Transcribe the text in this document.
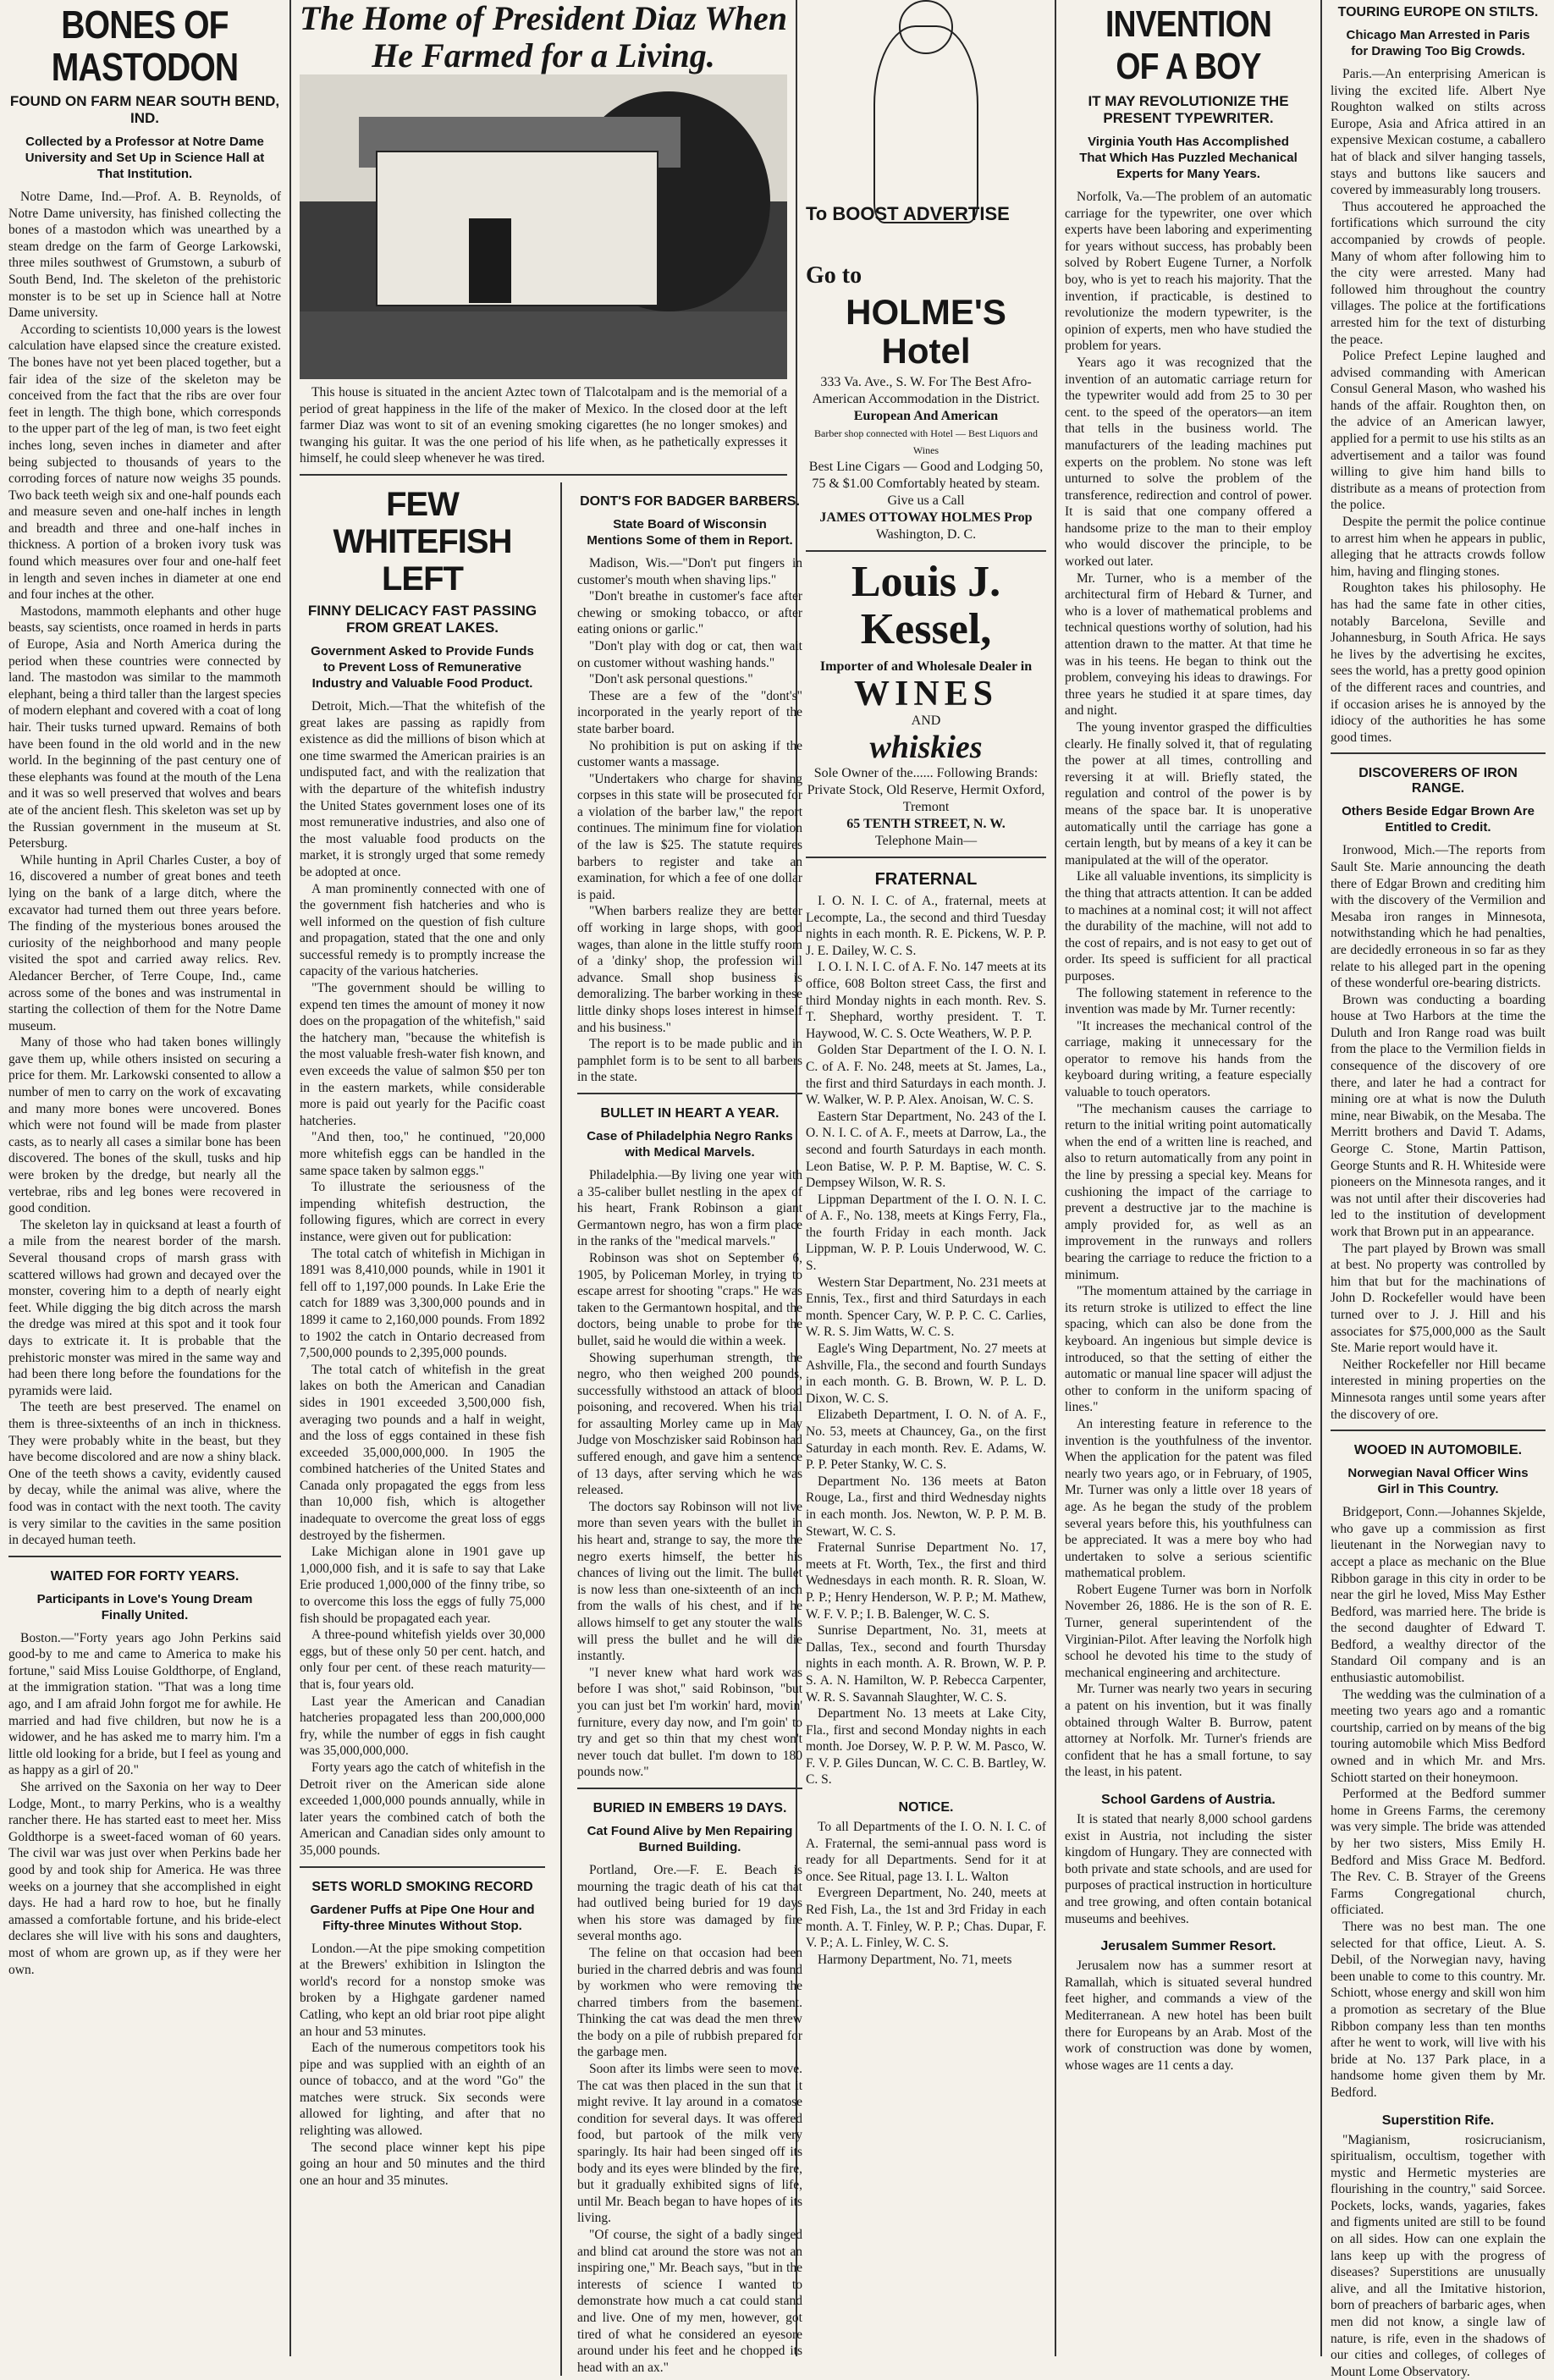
BONES OF MASTODON
FOUND ON FARM NEAR SOUTH BEND, IND.
Collected by a Professor at Notre Dame University and Set Up in Science Hall at That Institution.

Notre Dame, Ind.—Prof. A. B. Reynolds, of Notre Dame university, has finished collecting the bones of a mastodon which was unearthed by a steam dredge on the farm of George Larkowski, three miles southwest of Grumstown, a suburb of South Bend, Ind. The skeleton of the prehistoric monster is to be set up in Science hall at Notre Dame university.

According to scientists 10,000 years is the lowest calculation have elapsed since the creature existed. The bones have not yet been placed together, but a fair idea of the size of the skeleton may be conceived from the fact that the ribs are over four feet in length. The thigh bone, which corresponds to the upper part of the leg of man, is two feet eight inches long, seven inches in diameter and after being subjected to thousands of years to the corroding forces of nature now weighs 35 pounds. Two back teeth weigh six and one-half pounds each and measure seven and one-half inches in length and breadth and three and one-half inches in thickness. A portion of a broken ivory tusk was found which measures over four and one-half feet in length and seven inches in diameter at one end and four inches at the other.

Mastodons, mammoth elephants and other huge beasts, say scientists, once roamed in herds in parts of Europe, Asia and North America during the period when these countries were connected by land. The mastodon was similar to the mammoth elephant, being a third taller than the largest species of modern elephant and covered with a coat of long hair. Their tusks turned upward. Remains of both have been found in the old world and in the new world. In the beginning of the past century one of these elephants was found at the mouth of the Lena and it was so well preserved that wolves and bears ate of the ancient flesh. This skeleton was set up by the Russian government in the museum at St. Petersburg.

While hunting in April Charles Custer, a boy of 16, discovered a number of great bones and teeth lying on the bank of a large ditch, where the excavator had turned them out three years before. The finding of the mysterious bones aroused the curiosity of the neighborhood and many people visited the spot and carried away relics. Rev. Aledancer Bercher, of Terre Coupe, Ind., came across some of the bones and was instrumental in starting the collection of them for the Notre Dame museum.

Many of those who had taken bones willingly gave them up, while others insisted on securing a price for them. Mr. Larkowski consented to allow a number of men to carry on the work of excavating and many more bones were uncovered. Bones which were not found will be made from plaster casts, as to nearly all cases a similar bone has been discovered. The bones of the skull, tusks and hip were broken by the dredge, but nearly all the vertebrae, ribs and leg bones were recovered in good condition.

The skeleton lay in quicksand at least a fourth of a mile from the nearest border of the marsh. Several thousand crops of marsh grass with scattered willows had grown and decayed over the monster, covering him to a depth of nearly eight feet. While digging the big ditch across the marsh the dredge was mired at this spot and it took four days to extricate it. It is probable that the prehistoric monster was mired in the same way and had been there long before the foundations for the pyramids were laid.

The teeth are best preserved. The enamel on them is three-sixteenths of an inch in thickness. They were probably white in the beast, but they have become discolored and are now a shiny black. One of the teeth shows a cavity, evidently caused by decay, while the animal was alive, where the food was in contact with the next tooth. The cavity is very similar to the cavities in the same position in decayed human teeth.

WAITED FOR FORTY YEARS.
Participants in Love's Young Dream Finally United.

Boston.—"Forty years ago John Perkins said good-by to me and came to America to make his fortune," said Miss Louise Goldthorpe, of England, at the immigration station. "That was a long time ago, and I am afraid John forgot me for awhile. He married and had five children, but now he is a widower, and he has asked me to marry him. I'm a little old looking for a bride, but I feel as young and as happy as a girl of 20."

She arrived on the Saxonia on her way to Deer Lodge, Mont., to marry Perkins, who is a wealthy rancher there. He has started east to meet her. Miss Goldthorpe is a sweet-faced woman of 60 years. The civil war was just over when Perkins bade her good by and took ship for America. He was three weeks on a journey that she accomplished in eight days. He had a hard row to hoe, but he finally amassed a comfortable fortune, and his bride-elect declares she will live with his sons and daughters, most of whom are grown up, as if they were her own.

The Home of President Diaz When He Farmed for a Living.

This house is situated in the ancient Aztec town of Tlalcotalpam and is the memorial of a period of great happiness in the life of the maker of Mexico. In the closed door at the left farmer Diaz was wont to sit of an evening smoking cigarettes (he no longer smokes) and twanging his guitar. It was the one period of his life when, as he pathetically expresses it himself, he could sleep whenever he was tired.

FEW WHITEFISH LEFT
FINNY DELICACY FAST PASSING FROM GREAT LAKES.
Government Asked to Provide Funds to Prevent Loss of Remunerative Industry and Valuable Food Product.

Detroit, Mich.—That the whitefish of the great lakes are passing as rapidly from existence as did the millions of bison which at one time swarmed the American prairies is an undisputed fact, and with the realization that with the departure of the whitefish industry the United States government loses one of its most remunerative industries, and also one of the most valuable food products on the market, it is strongly urged that some remedy be adopted at once.

A man prominently connected with one of the government fish hatcheries and who is well informed on the question of fish culture and propagation, stated that the one and only successful remedy is to promptly increase the capacity of the various hatcheries.

"The government should be willing to expend ten times the amount of money it now does on the propagation of the whitefish," said the hatchery man, "because the whitefish is the most valuable fresh-water fish known, and even exceeds the value of salmon $50 per ton in the eastern markets, while considerable more is paid out yearly for the Pacific coast hatcheries.

"And then, too," he continued, "20,000 more whitefish eggs can be handled in the same space taken by salmon eggs."

To illustrate the seriousness of the impending whitefish destruction, the following figures, which are correct in every instance, were given out for publication:

The total catch of whitefish in Michigan in 1891 was 8,410,000 pounds, while in 1901 it fell off to 1,197,000 pounds. In Lake Erie the catch for 1889 was 3,300,000 pounds and in 1899 it came to 2,160,000 pounds. From 1892 to 1902 the catch in Ontario decreased from 7,500,000 pounds to 2,395,000 pounds.

The total catch of whitefish in the great lakes on both the American and Canadian sides in 1901 exceeded 3,500,000 fish, averaging two pounds and a half in weight, and the loss of eggs contained in these fish exceeded 35,000,000,000. In 1905 the combined hatcheries of the United States and Canada only propagated the eggs from less than 10,000 fish, which is altogether inadequate to overcome the great loss of eggs destroyed by the fishermen.

Lake Michigan alone in 1901 gave up 1,000,000 fish, and it is safe to say that Lake Erie produced 1,000,000 of the finny tribe, so to overcome this loss the eggs of fully 75,000 fish should be propagated each year.

A three-pound whitefish yields over 30,000 eggs, but of these only 50 per cent. hatch, and only four per cent. of these reach maturity—that is, four years old.

Last year the American and Canadian hatcheries propagated less than 200,000,000 fry, while the number of eggs in fish caught was 35,000,000,000.

Forty years ago the catch of whitefish in the Detroit river on the American side alone exceeded 1,000,000 pounds annually, while in later years the combined catch of both the American and Canadian sides only amount to 35,000 pounds.

SETS WORLD SMOKING RECORD
Gardener Puffs at Pipe One Hour and Fifty-three Minutes Without Stop.

London.—At the pipe smoking competition at the Brewers' exhibition in Islington the world's record for a nonstop smoke was broken by a Highgate gardener named Catling, who kept an old briar root pipe alight an hour and 53 minutes.

Each of the numerous competitors took his pipe and was supplied with an eighth of an ounce of tobacco, and at the word "Go" the matches were struck. Six seconds were allowed for lighting, and after that no relighting was allowed.

The second place winner kept his pipe going an hour and 50 minutes and the third one an hour and 35 minutes.

DONT'S FOR BADGER BARBERS.
State Board of Wisconsin Mentions Some of them in Report.

Madison, Wis.—"Don't put fingers in customer's mouth when shaving lips."

"Don't breathe in customer's face after chewing or smoking tobacco, or after eating onions or garlic."

"Don't play with dog or cat, then wait on customer without washing hands."

"Don't ask personal questions."

These are a few of the "dont's" incorporated in the yearly report of the state barber board.

No prohibition is put on asking if the customer wants a massage.

"Undertakers who charge for shaving corpses in this state will be prosecuted for a violation of the barber law," the report continues. The minimum fine for violation of the law is $25. The statute requires barbers to register and take an examination, for which a fee of one dollar is paid.

"When barbers realize they are better off working in large shops, with good wages, than alone in the little stuffy room of a 'dinky' shop, the profession will advance. Small shop business is demoralizing. The barber working in these little dinky shops loses interest in himself and his business."

The report is to be made public and in pamphlet form is to be sent to all barbers in the state.

BULLET IN HEART A YEAR.
Case of Philadelphia Negro Ranks with Medical Marvels.

Philadelphia.—By living one year with a 35-caliber bullet nestling in the apex of his heart, Frank Robinson a giant Germantown negro, has won a firm place in the ranks of the "medical marvels."

Robinson was shot on September 6, 1905, by Policeman Morley, in trying to escape arrest for shooting "craps." He was taken to the Germantown hospital, and the doctors, being unable to probe for the bullet, said he would die within a week.

Showing superhuman strength, the negro, who then weighed 200 pounds, successfully withstood an attack of blood poisoning, and recovered. When his trial for assaulting Morley came up in May Judge von Moschzisker said Robinson had suffered enough, and gave him a sentence of 13 days, after serving which he was released.

The doctors say Robinson will not live more than seven years with the bullet in his heart and, strange to say, the more the negro exerts himself, the better his chances of living out the limit. The bullet is now less than one-sixteenth of an inch from the walls of his chest, and if he allows himself to get any stouter the walls will press the bullet and he will die instantly.

"I never knew what hard work was before I was shot," said Robinson, "but you can just bet I'm workin' hard, movin' furniture, every day now, and I'm goin' to try and get so thin that my chest won't never touch dat bullet. I'm down to 180 pounds now."

BURIED IN EMBERS 19 DAYS.
Cat Found Alive by Men Repairing Burned Building.

Portland, Ore.—F. E. Beach is mourning the tragic death of his cat that had outlived being buried for 19 days when his store was damaged by fire several months ago.

The feline on that occasion had been buried in the charred debris and was found by workmen who were removing the charred timbers from the basement. Thinking the cat was dead the men threw the body on a pile of rubbish prepared for the garbage men.

Soon after its limbs were seen to move. The cat was then placed in the sun that it might revive. It lay around in a comatose condition for several days. It was offered food, but partook of the milk very sparingly. Its hair had been singed off its body and its eyes were blinded by the fire, but it gradually exhibited signs of life, until Mr. Beach began to have hopes of its living.

"Of course, the sight of a badly singed and blind cat around the store was not an inspiring one," Mr. Beach says, "but in the interests of science I wanted to demonstrate how much a cat could stand and live. One of my men, however, got tired of what he considered an eyesore around under his feet and he chopped its head with an ax."

To BOOST ADVERTISE
Go to
HOLME'S Hotel
333 Va. Ave., S. W. For The Best Afro-American Accommodation in the District.
European And American
Barber shop connected with Hotel — Best Liquors and Wines
Best Line Cigars — Good and Lodging 50, 75 & $1.00 Comfortably heated by steam.
Give us a Call
JAMES OTTOWAY HOLMES Prop
Washington, D. C.
Louis J. Kessel,
Importer of and Wholesale Dealer in
WINES
AND
whiskies
Sole Owner of the...... Following Brands:
Private Stock, Old Reserve, Hermit Oxford, Tremont
65 TENTH STREET, N. W.
Telephone Main—
FRATERNAL

I. O. N. I. C. of A., fraternal, meets at Lecompte, La., the second and third Tuesday nights in each month. R. E. Pickens, W. P. P. J. E. Dailey, W. C. S.

I. O. I. N. I. C. of A. F. No. 147 meets at its office, 608 Bolton street Cass, the first and third Monday nights in each month. Rev. S. T. Shephard, worthy president. T. T. Haywood, W. C. S. Octe Weathers, W. P. P.

Golden Star Department of the I. O. N. I. C. of A. F. No. 248, meets at St. James, La., the first and third Saturdays in each month. J. W. Walker, W. P. P. Alex. Anoisan, W. C. S.

Eastern Star Department, No. 243 of the I. O. N. I. C. of A. F., meets at Darrow, La., the second and fourth Saturdays in each month. Leon Batise, W. P. P. M. Baptise, W. C. S. Dempsey Wilson, W. R. S.

Lippman Department of the I. O. N. I. C. of A. F., No. 138, meets at Kings Ferry, Fla., the fourth Friday in each month. Jack Lippman, W. P. P. Louis Underwood, W. C. S.

Western Star Department, No. 231 meets at Ennis, Tex., first and third Saturdays in each month. Spencer Cary, W. P. P. C. C. Carlies, W. R. S. Jim Watts, W. C. S.

Eagle's Wing Department, No. 27 meets at Ashville, Fla., the second and fourth Sundays in each month. G. B. Brown, W. P. L. D. Dixon, W. C. S.

Elizabeth Department, I. O. N. of A. F., No. 53, meets at Chauncey, Ga., on the first Saturday in each month. Rev. E. Adams, W. P. P. Peter Stanky, W. C. S.

Department No. 136 meets at Baton Rouge, La., first and third Wednesday nights in each month. Jos. Newton, W. P. P. M. B. Stewart, W. C. S.

Fraternal Sunrise Department No. 17, meets at Ft. Worth, Tex., the first and third Wednesdays in each month. R. R. Sloan, W. P. P.; Henry Henderson, W. P. P.; M. Mathew, W. F. V. P.; I. B. Balenger, W. C. S.

Sunrise Department, No. 31, meets at Dallas, Tex., second and fourth Thursday nights in each month. A. R. Brown, W. P. P. S. A. N. Hamilton, W. P. Rebecca Carpenter, W. R. S. Savannah Slaughter, W. C. S.

Department No. 13 meets at Lake City, Fla., first and second Monday nights in each month. Joe Dorsey, W. P. P. W. M. Pasco, W. F. V. P. Giles Duncan, W. C. C. B. Bartley, W. C. S.

NOTICE.

To all Departments of the I. O. N. I. C. of A. Fraternal, the semi-annual pass word is ready for all Departments. Send for it at once. See Ritual, page 13. I. L. Walton

Evergreen Department, No. 240, meets at Red Fish, La., the 1st and 3rd Friday in each month. A. T. Finley, W. P. P.; Chas. Dupar, F. V. P.; A. L. Finley, W. C. S.

Harmony Department, No. 71, meets

INVENTION OF A BOY
IT MAY REVOLUTIONIZE THE PRESENT TYPEWRITER.
Virginia Youth Has Accomplished That Which Has Puzzled Mechanical Experts for Many Years.

Norfolk, Va.—The problem of an automatic carriage for the typewriter, one over which experts have been laboring and experimenting for years without success, has probably been solved by Robert Eugene Turner, a Norfolk boy, who is yet to reach his majority. That the invention, if practicable, is destined to revolutionize the modern typewriter, is the opinion of experts, men who have studied the problem for years.

Years ago it was recognized that the invention of an automatic carriage return for the typewriter would add from 25 to 30 per cent. to the speed of the operators—an item that tells in the business world. The manufacturers of the leading machines put experts on the problem. No stone was left unturned to solve the problem of the transference, redirection and control of power. It is said that one company offered a handsome prize to the man to their employ who would discover the principle, to be worked out later.

Mr. Turner, who is a member of the architectural firm of Hebard & Turner, and who is a lover of mathematical problems and technical questions worthy of solution, had his attention drawn to the matter. At that time he was in his teens. He began to think out the problem, conveying his ideas to drawings. For three years he studied it at spare times, day and night.

The young inventor grasped the difficulties clearly. He finally solved it, that of regulating the power at all times, controlling and reversing it at will. Briefly stated, the regulation and control of the power is by means of the space bar. It is unoperative automatically until the carriage has gone a certain length, but by means of a key it can be manipulated at the will of the operator.

Like all valuable inventions, its simplicity is the thing that attracts attention. It can be added to machines at a nominal cost; it will not affect the durability of the machine, will not add to the cost of repairs, and is not easy to get out of order. Its speed is sufficient for all practical purposes.

The following statement in reference to the invention was made by Mr. Turner recently:

"It increases the mechanical control of the carriage, making it unnecessary for the operator to remove his hands from the keyboard during writing, a feature especially valuable to touch operators.

"The mechanism causes the carriage to return to the initial writing point automatically when the end of a written line is reached, and also to return automatically from any point in the line by pressing a special key. Means for cushioning the impact of the carriage to prevent a destructive jar to the machine is amply provided for, as well as an improvement in the runways and rollers bearing the carriage to reduce the friction to a minimum.

"The momentum attained by the carriage in its return stroke is utilized to effect the line spacing, which can also be done from the keyboard. An ingenious but simple device is introduced, so that the setting of either the automatic or manual line spacer will adjust the other to conform in the uniform spacing of lines."

An interesting feature in reference to the invention is the youthfulness of the inventor. When the application for the patent was filed nearly two years ago, or in February, of 1905, Mr. Turner was only a little over 18 years of age. As he began the study of the problem several years before this, his youthfulness can be appreciated. It was a mere boy who had undertaken to solve a serious scientific mathematical problem.

Robert Eugene Turner was born in Norfolk November 26, 1886. He is the son of R. E. Turner, general superintendent of the Virginian-Pilot. After leaving the Norfolk high school he devoted his time to the study of mechanical engineering and architecture.

Mr. Turner was nearly two years in securing a patent on his invention, but it was finally obtained through Walter B. Burrow, patent attorney at Norfolk. Mr. Turner's friends are confident that he has a small fortune, to say the least, in his patent.

School Gardens of Austria.

It is stated that nearly 8,000 school gardens exist in Austria, not including the sister kingdom of Hungary. They are connected with both private and state schools, and are used for purposes of practical instruction in horticulture and tree growing, and often contain botanical museums and beehives.

Jerusalem Summer Resort.

Jerusalem now has a summer resort at Ramallah, which is situated several hundred feet higher, and commands a view of the Mediterranean. A new hotel has been built there for Europeans by an Arab. Most of the work of construction was done by women, whose wages are 11 cents a day.

TOURING EUROPE ON STILTS.
Chicago Man Arrested in Paris for Drawing Too Big Crowds.

Paris.—An enterprising American is living the excited life. Albert Nye Roughton walked on stilts across Europe, Asia and Africa attired in an expensive Mexican costume, a caballero hat of black and silver hanging tassels, stays and buttons like saucers and covered by immeasurably long trousers.

Thus accoutered he approached the fortifications which surround the city accompanied by crowds of people. Many of whom after following him to the city were arrested. Many had followed him throughout the country villages. The police at the fortifications arrested him for the text of disturbing the peace.

Police Prefect Lepine laughed and advised commanding with American Consul General Mason, who washed his hands of the affair. Roughton then, on the advice of an American lawyer, applied for a permit to use his stilts as an advertisement and a tailor was found willing to give him hand bills to distribute as a means of protection from the police.

Despite the permit the police continue to arrest him when he appears in public, alleging that he attracts crowds follow him, having and flinging stones.

Roughton takes his philosophy. He has had the same fate in other cities, notably Barcelona, Seville and Johannesburg, in South Africa. He says he lives by the advertising he excites, sees the world, has a pretty good opinion of the different races and countries, and if occasion arises he is annoyed by the idiocy of the authorities he has some good times.

DISCOVERERS OF IRON RANGE.
Others Beside Edgar Brown Are Entitled to Credit.

Ironwood, Mich.—The reports from Sault Ste. Marie announcing the death there of Edgar Brown and crediting him with the discovery of the Vermilion and Mesaba iron ranges in Minnesota, notwithstanding which he had penalties, are decidedly erroneous in so far as they relate to his alleged part in the opening of these wonderful ore-bearing districts.

Brown was conducting a boarding house at Two Harbors at the time the Duluth and Iron Range road was built from the place to the Vermilion fields in consequence of the discovery of ore there, and later he had a contract for mining ore at what is now the Duluth mine, near Biwabik, on the Mesaba. The Merritt brothers and David T. Adams, George C. Stone, Martin Pattison, George Stunts and R. H. Whiteside were pioneers on the Minnesota ranges, and it was not until after their discoveries had led to the institution of development work that Brown put in an appearance.

The part played by Brown was small at best. No property was controlled by him that but for the machinations of John D. Rockefeller would have been turned over to J. J. Hill and his associates for $75,000,000 as the Sault Ste. Marie report would have it.

Neither Rockefeller nor Hill became interested in mining properties on the Minnesota ranges until some years after the discovery of ore.

WOOED IN AUTOMOBILE.
Norwegian Naval Officer Wins Girl in This Country.

Bridgeport, Conn.—Johannes Skjelde, who gave up a commission as first lieutenant in the Norwegian navy to accept a place as mechanic on the Blue Ribbon garage in this city in order to be near the girl he loved, Miss May Esther Bedford, was married here. The bride is the second daughter of Edward T. Bedford, a wealthy director of the Standard Oil company and is an enthusiastic automobilist.

The wedding was the culmination of a meeting two years ago and a romantic courtship, carried on by means of the big touring automobile which Miss Bedford owned and in which Mr. and Mrs. Schiott started on their honeymoon.

Performed at the Bedford summer home in Greens Farms, the ceremony was very simple. The bride was attended by her two sisters, Miss Emily H. Bedford and Miss Grace M. Bedford. The Rev. C. B. Strayer of the Greens Farms Congregational church, officiated.

There was no best man. The one selected for that office, Lieut. A. S. Debil, of the Norwegian navy, having been unable to come to this country. Mr. Schiott, whose energy and skill won him a promotion as secretary of the Blue Ribbon company less than ten months after he went to work, will live with his bride at No. 137 Park place, in a handsome home given them by Mr. Bedford.

Superstition Rife.

"Magianism, rosicrucianism, spiritualism, occultism, together with mystic and Hermetic mysteries are flourishing in the country," said Sorcee. Pockets, locks, wands, yagaries, fakes and figments united are still to be found on all sides. How can one explain the lans keep up with the progress of diseases? Superstitions are unusually alive, and all the Imitative historion, born of preachers of barbaric ages, when men did not know, a single law of nature, is rife, even in the shadows of our cities and colleges, of colleges of Mount Lome Observatory.
